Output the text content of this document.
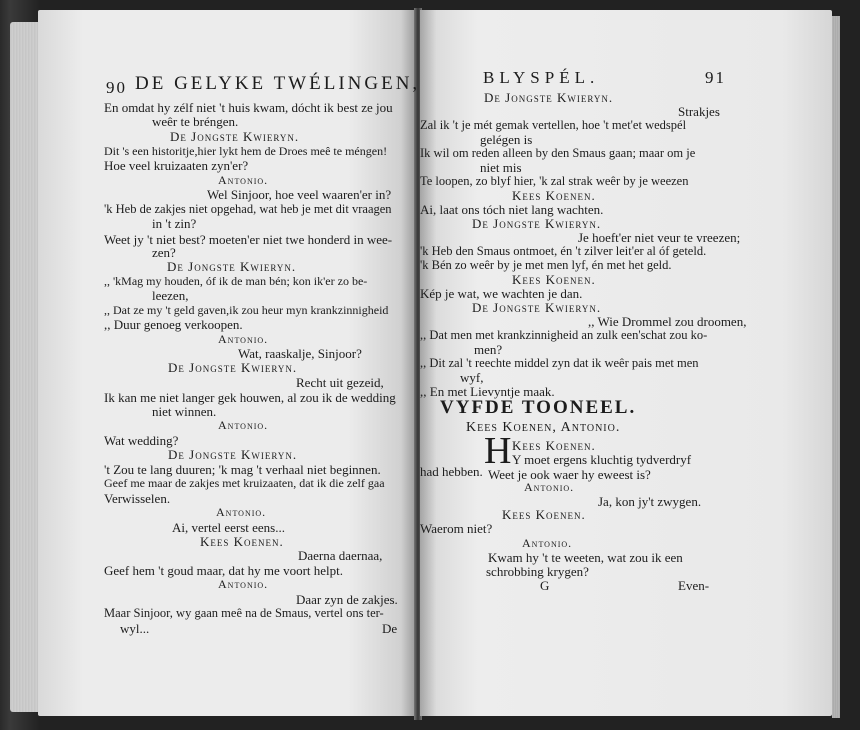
90 DE GELYKE TWÉLINGEN,
En omdat hy zélf niet 't huis kwam, dócht ik best ze jou
weêr te bréngen.
De Jongste Kwieryn.
Dit 's een historitje,hier lykt hem de Droes meê te méngen!
Hoe veel kruizaaten zyn'er?
Antonio.
Wel Sinjoor, hoe veel waaren'er in?
'k Heb de zakjes niet opgehad, wat heb je met dit vraagen
in 't zin?
Weet jy 't niet best? moeten'er niet twe honderd in wee-
zen?
De Jongste Kwieryn.
,, 'kMag my houden, óf ik de man bén; kon ik'er zo be-
leezen,
,, Dat ze my 't geld gaven,ik zou heur myn krankzinnigheid
,, Duur genoeg verkoopen.
Antonio.
Wat, raaskalje, Sinjoor?
De Jongste Kwieryn.
Recht uit gezeid,
Ik kan me niet langer gek houwen, al zou ik de wedding
niet winnen.
Antonio.
Wat wedding?
De Jongste Kwieryn.
't Zou te lang duuren; 'k mag 't verhaal niet beginnen.
Geef me maar de zakjes met kruizaaten, dat ik die zelf gaa
Verwisselen.
Antonio.
Ai, vertel eerst eens...
Kees Koenen.
Daerna daernaa,
Geef hem 't goud maar, dat hy me voort helpt.
Antonio.
Daar zyn de zakjes.
Maar Sinjoor, wy gaan meê na de Smaus, vertel ons ter-
wyl...	De
BLYSPÉL.	91
De Jongste Kwieryn.
Strakjes
Zal ik 't je mét gemak vertellen, hoe 't met'et wedspél
gelégen is
Ik wil om reden alleen by den Smaus gaan; maar om je
niet mis
Te loopen, zo blyf hier, 'k zal strak weêr by je weezen
Kees Koenen.
Ai, laat ons tóch niet lang wachten.
De Jongste Kwieryn.
Je hoeft'er niet veur te vreezen;
'k Heb den Smaus ontmoet, én 't zilver leit'er al óf geteld.
'k Bén zo weêr by je met men lyf, én met het geld.
Kees Koenen.
Kép je wat, we wachten je dan.
De Jongste Kwieryn.
,, Wie Drommel zou droomen,
,, Dat men met krankzinnigheid an zulk een'schat zou ko-
men?
,, Dit zal 't reechte middel zyn dat ik weêr pais met men
wyf,
,, En met Lievyntje maak.
VYFDE TOONEEL.
Kees Koenen, Antonio.
H Kees Koenen.
Y moet ergens kluchtig tydverdryf
had hebben. Weet je ook waer hy eweest is?
Antonio.
Ja, kon jy't zwygen.
Kees Koenen.
Waerom niet?
Antonio.
Kwam hy 't te weeten, wat zou ik een
schrobbing krygen?
G	Even-
